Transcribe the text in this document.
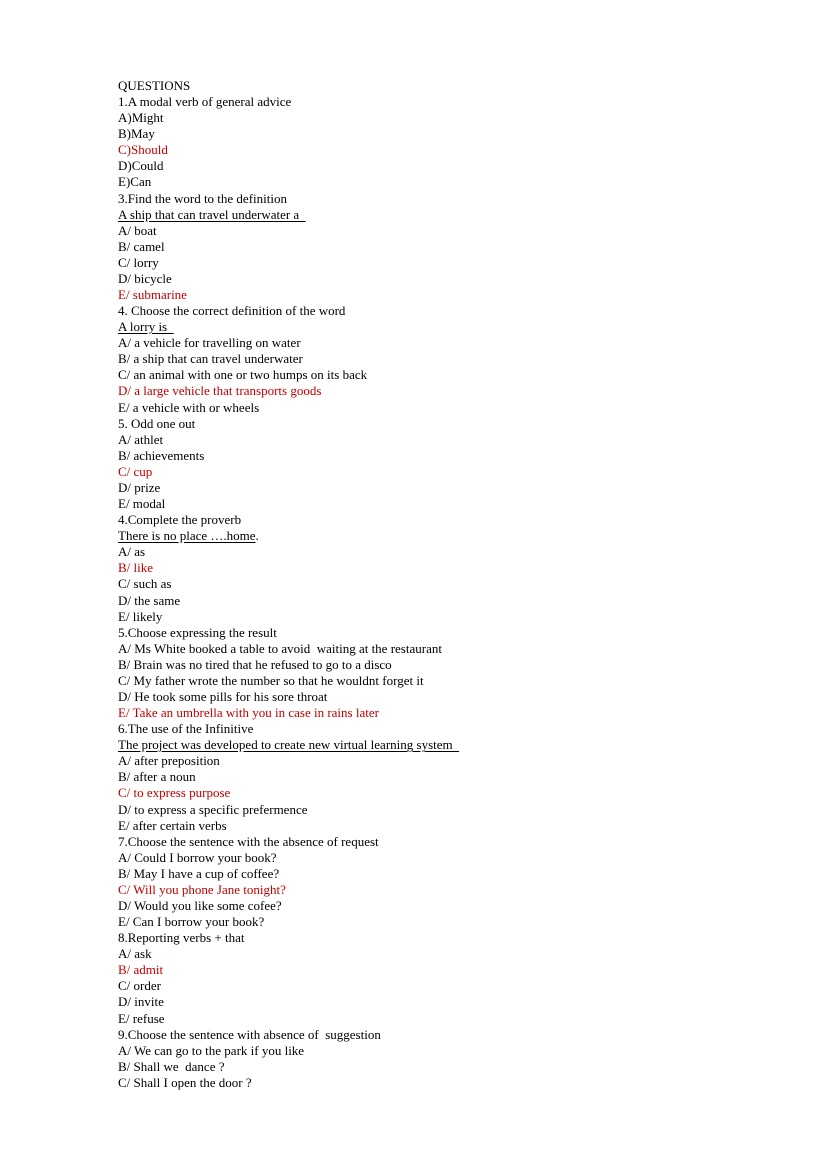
QUESTIONS
1.A modal verb of general advice
A)Might
B)May
C)Should
D)Could
E)Can
3.Find the word to the definition
A ship that can travel underwater a
A/ boat
B/ camel
C/ lorry
D/ bicycle
E/ submarine
4. Choose the correct definition of the word
A lorry is
A/ a vehicle for travelling on water
B/ a ship that can travel underwater
C/ an animal with one or two humps on its back
D/ a large vehicle that transports goods
E/ a vehicle with or wheels
5. Odd one out
A/ athlet
B/ achievements
C/ cup
D/ prize
E/ modal
4.Complete the proverb
There is no place ….home.
A/ as
B/ like
C/ such as
D/ the same
E/ likely
5.Choose expressing the result
A/ Ms White booked a table to avoid  waiting at the restaurant
B/ Brain was no tired that he refused to go to a disco
C/ My father wrote the number so that he wouldnt forget it
D/ He took some pills for his sore throat
E/ Take an umbrella with you in case in rains later
6.The use of the Infinitive
The project was developed to create new virtual learning system
A/ after preposition
B/ after a noun
C/ to express purpose
D/ to express a specific prefermence
E/ after certain verbs
7.Choose the sentence with the absence of request
A/ Could I borrow your book?
B/ May I have a cup of coffee?
C/ Will you phone Jane tonight?
D/ Would you like some cofee?
E/ Can I borrow your book?
8.Reporting verbs + that
A/ ask
B/ admit
C/ order
D/ invite
E/ refuse
9.Choose the sentence with absence of  suggestion
A/ We can go to the park if you like
B/ Shall we  dance ?
C/ Shall I open the door ?
